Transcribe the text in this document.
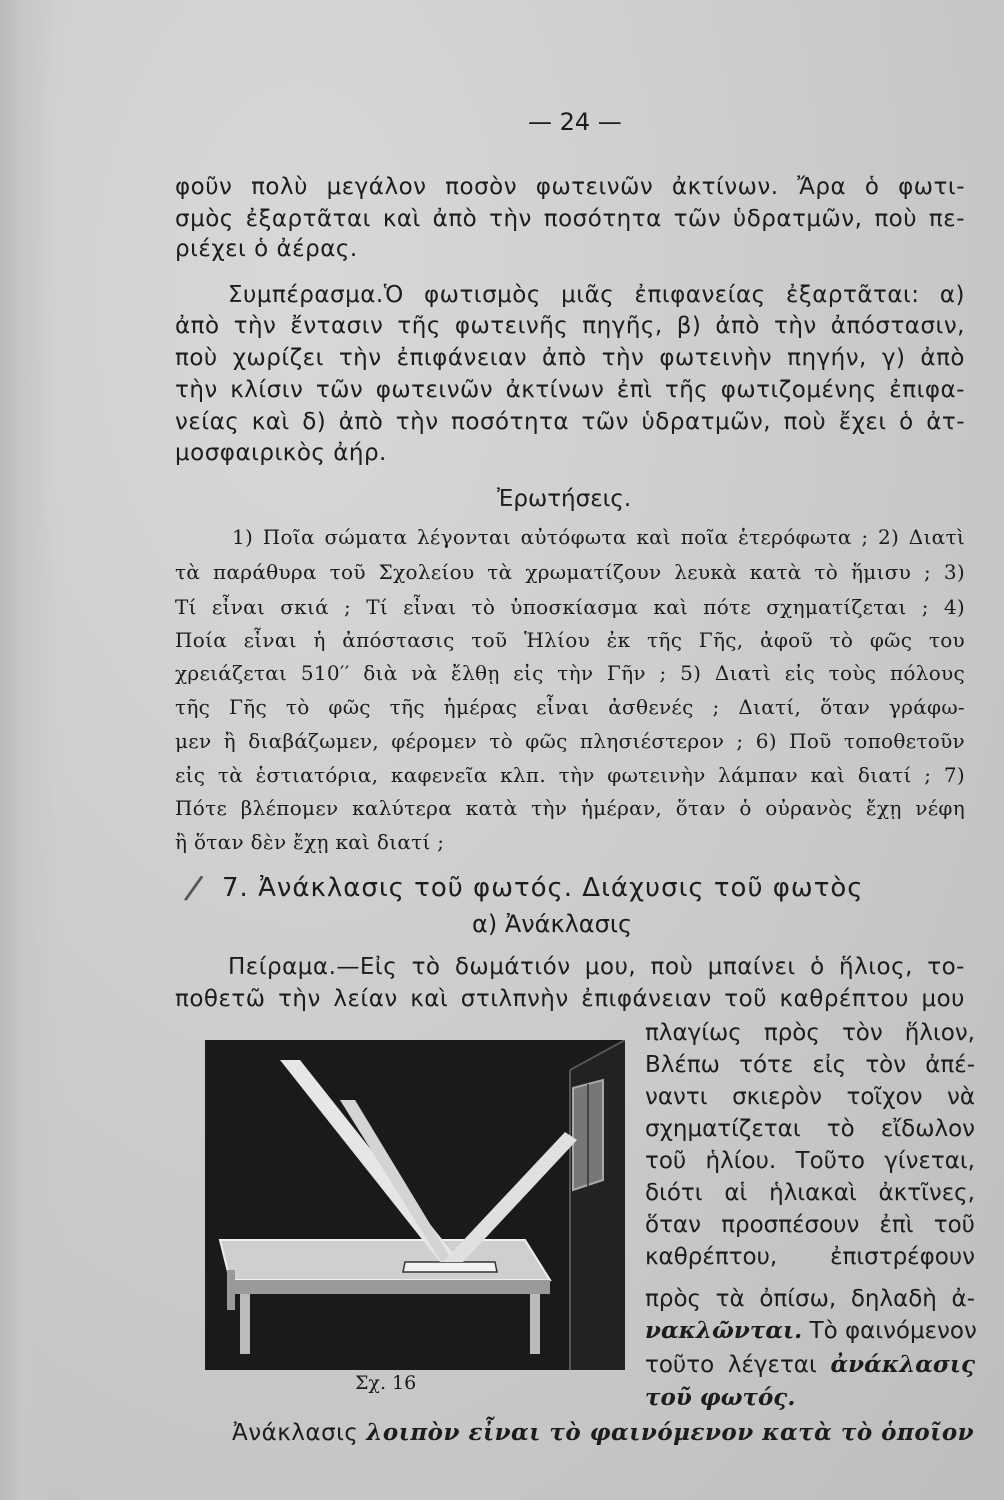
— 24 —
φοῦν πολὺ μεγάλον ποσὸν φωτεινῶν ἀκτίνων. Ἄρα ὁ φωτι-
σμὸς ἐξαρτᾶται καὶ ἀπὸ τὴν ποσότητα τῶν ὑδρατμῶν, ποὺ πε-
ριέχει ὁ ἀέρας.
Συμπέρασμα.Ὁ φωτισμὸς μιᾶς ἐπιφανείας ἐξαρτᾶται: α)
ἀπὸ τὴν ἔντασιν τῆς φωτεινῆς πηγῆς, β) ἀπὸ τὴν ἀπόστασιν,
ποὺ χωρίζει τὴν ἐπιφάνειαν ἀπὸ τὴν φωτεινὴν πηγήν, γ) ἀπὸ
τὴν κλίσιν τῶν φωτεινῶν ἀκτίνων ἐπὶ τῆς φωτιζομένης ἐπιφα-
νείας καὶ δ) ἀπὸ τὴν ποσότητα τῶν ὑδρατμῶν, ποὺ ἔχει ὁ ἀτ-
μοσφαιρικὸς ἀήρ.
Ἐρωτήσεις.
1) Ποῖα σώματα λέγονται αὐτόφωτα καὶ ποῖα ἑτερόφωτα ; 2) Διατὶ
τὰ παράθυρα τοῦ Σχολείου τὰ χρωματίζουν λευκὰ κατὰ τὸ ἥμισυ ; 3)
Τί εἶναι σκιά ; Τί εἶναι τὸ ὑποσκίασμα καὶ πότε σχηματίζεται ; 4)
Ποία εἶναι ἡ ἀπόστασις τοῦ Ἡλίου ἐκ τῆς Γῆς, ἀφοῦ τὸ φῶς του
χρειάζεται 510′′ διὰ νὰ ἔλθῃ εἰς τὴν Γῆν ; 5) Διατὶ εἰς τοὺς πόλους
τῆς Γῆς τὸ φῶς τῆς ἡμέρας εἶναι ἀσθενές ; Διατί, ὅταν γράφω-
μεν ἢ διαβάζωμεν, φέρομεν τὸ φῶς πλησιέστερον ; 6) Ποῦ τοποθετοῦν
εἰς τὰ ἑστιατόρια, καφενεῖα κλπ. τὴν φωτεινὴν λάμπαν καὶ διατί ; 7)
Πότε βλέπομεν καλύτερα κατὰ τὴν ἡμέραν, ὅταν ὁ οὐρανὸς ἔχῃ νέφη
ἢ ὅταν δὲν ἔχῃ καὶ διατί ;
/ 7. Ἀνάκλασις τοῦ φωτός. Διάχυσις τοῦ φωτὸς
α) Ἀνάκλασις
Πείραμα.—Εἰς τὸ δωμάτιόν μου, ποὺ μπαίνει ὁ ἥλιος, το-
ποθετῶ τὴν λείαν καὶ στιλπνὴν ἐπιφάνειαν τοῦ καθρέπτου μου
πλαγίως πρὸς τὸν ἥλιον,
Βλέπω τότε εἰς τὸν ἀπέ-
ναντι σκιερὸν τοῖχον νὰ
σχηματίζεται τὸ εἴδωλον
τοῦ ἡλίου. Τοῦτο γίνεται,
διότι αἱ ἡλιακαὶ ἀκτῖνες,
ὅταν προσπέσουν ἐπὶ τοῦ
καθρέπτου, ἐπιστρέφουν
πρὸς τὰ ὀπίσω, δηλαδὴ ἀ-
νακλῶνται. Τὸ φαινόμενον
τοῦτο λέγεται ἀνάκλασις
τοῦ φωτός.
Σχ. 16
Ἀνάκλασις λοιπὸν εἶναι τὸ φαινόμενον κατὰ τὸ ὁποῖον
